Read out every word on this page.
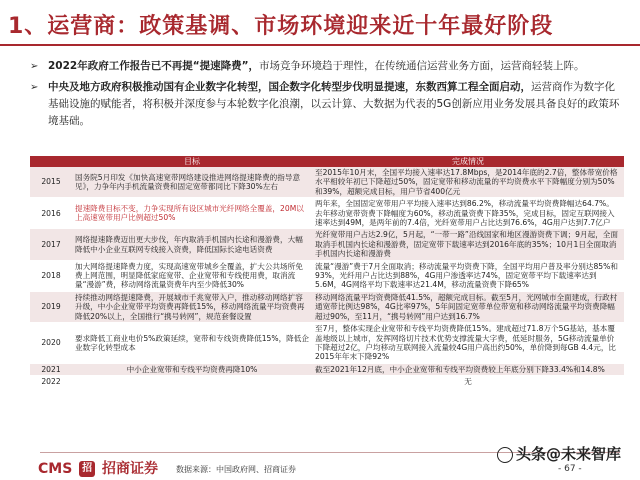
1、运营商：政策基调、市场环境迎来近十年最好阶段
➢ 2022年政府工作报告已不再提“提速降费”，市场竞争环境趋于理性，在传统通信运营业务方面，运营商轻装上阵。
➢ 中央及地方政府积极推动国有企业数字化转型，国企数字化转型步伐明显提速，东数西算工程全面启动，运营商作为数字化基础设施的赋能者，将积极并深度参与本轮数字化浪潮，以云计算、大数据为代表的5G创新应用业务发展具备良好的政策环境基础。
	目标	完成情况
2015	国务院5月印发《加快高速宽带网络建设推进网络提速降费的指导意见》，力争年内手机流量资费和固定宽带都同比下降30%左右	至2015年10月末，全国平均接入速率达17.8Mbps，是2014年底的2.7倍，整体带宽价格水平相较年初已下降超过50%，固定宽带和移动流量的平均资费水平下降幅度分别为50%和39%，超额完成目标，用户节省400亿元
2016	提速降费目标不变，力争实现所有设区城市光纤网络全覆盖，20M以上高速宽带用户比例超过50%	两年来，全国固定宽带用户平均接入速率达到86.2%，移动流量平均资费降幅达64.7%。去年移动宽带资费下降幅度为60%，移动流量资费下降35%，完成目标，固定互联网接入速率达到49M，是两年前的7.4倍，光纤宽带用户占比达到76.6%，4G用户达到7.7亿户
2017	网络提速降费迈出更大步伐，年内取消手机国内长途和漫游费，大幅降低中小企业互联网专线接入资费，降低国际长途电话资费	光纤宽带用户占达2.9亿，5月起，“一带一路”沿线国家和地区漫游资费下调；9月起，全面取消手机国内长途和漫游费，固定宽带下载速率达到2016年底的35%；10月1日全面取消手机国内长途和漫游费
2018	加大网络提速降费力度，实现高速宽带城乡全覆盖，扩大公共场所免费上网范围，明显降低家庭宽带、企业宽带和专线使用费，取消流量“漫游”费，移动网络流量资费年内至少降低30%	流量“漫游”费于7月全面取消；移动流量平均资费下降，全国平均用户普及率分别达85%和93%，光纤用户占比达到88%，4G用户渗透率达74%，固定宽带平均下载速率达到5.6M，4G网络平均下载速率达21.4M，移动流量资费下降65%
2019	持续推动网络提速降费，开展城市千兆宽带入户，推动移动网络扩容升级，中小企业宽带平均资费再降低15%，移动网络流量平均资费再降低20%以上，全国推行“携号转网”，规范套餐设置	移动网络流量平均资费降低41.5%，超额完成目标。截至5月，光网城市全面建成，行政村通宽带比例达98%，4G比率97%，5年间固定宽带单位带宽和移动网络流量平均资费降幅超过90%，至11月，“携号转网”用户达到16.7%
2020	要求降低工商业电价5%政策延续，宽带和专线资费降低15%，降低企业数字化转型成本	至7月，整体实现企业宽带和专线平均资费降低15%。建成超过71.8万个5G基站，基本覆盖地级以上城市，发挥网络切片技术优势支撑流量大字费，低延时服务，5G移动流量单价下降超过2亿，户均移动互联网接入流量较4G用户高出约50%，单价降到每GB 4.4元，比2015年年末下降92%
2021	中小企业宽带和专线平均资费再降10%	截至2021年12月底，中小企业宽带和专线平均资费较上年底分别下降33.4%和14.8%
2022		无
CMS 招 招商证券 数据来源：中国政府网、招商证券	- 67 -
头条@未来智库
